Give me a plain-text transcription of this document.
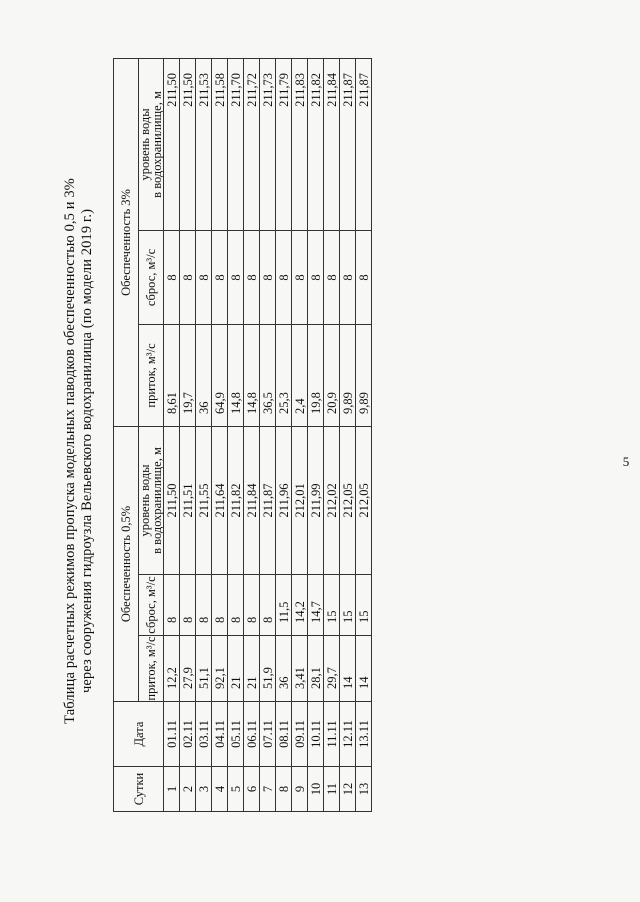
5
Таблица расчетных режимов пропуска модельных паводков обеспеченностью 0,5 и 3% через сооружения гидроузла Вельевского водохранилища (по модели 2019 г.)
Сутки	Дата	Обеспеченность 0,5%			Обеспеченность 3%		
		приток, м³/с	сброс, м³/с	уровень воды
в водохранилище, м	приток, м³/с	сброс, м³/с	уровень воды
в водохранилище, м
1	01.11	12,2	8	211,50	8,61	8	211,50
2	02.11	27,9	8	211,51	19,7	8	211,50
3	03.11	51,1	8	211,55	36	8	211,53
4	04.11	92,1	8	211,64	64,9	8	211,58
5	05.11	21	8	211,82	14,8	8	211,70
6	06.11	21	8	211,84	14,8	8	211,72
7	07.11	51,9	8	211,87	36,5	8	211,73
8	08.11	36	11,5	211,96	25,3	8	211,79
9	09.11	3,41	14,2	212,01	2,4	8	211,83
10	10.11	28,1	14,7	211,99	19,8	8	211,82
11	11.11	29,7	15	212,02	20,9	8	211,84
12	12.11	14	15	212,05	9,89	8	211,87
13	13.11	14	15	212,05	9,89	8	211,87
